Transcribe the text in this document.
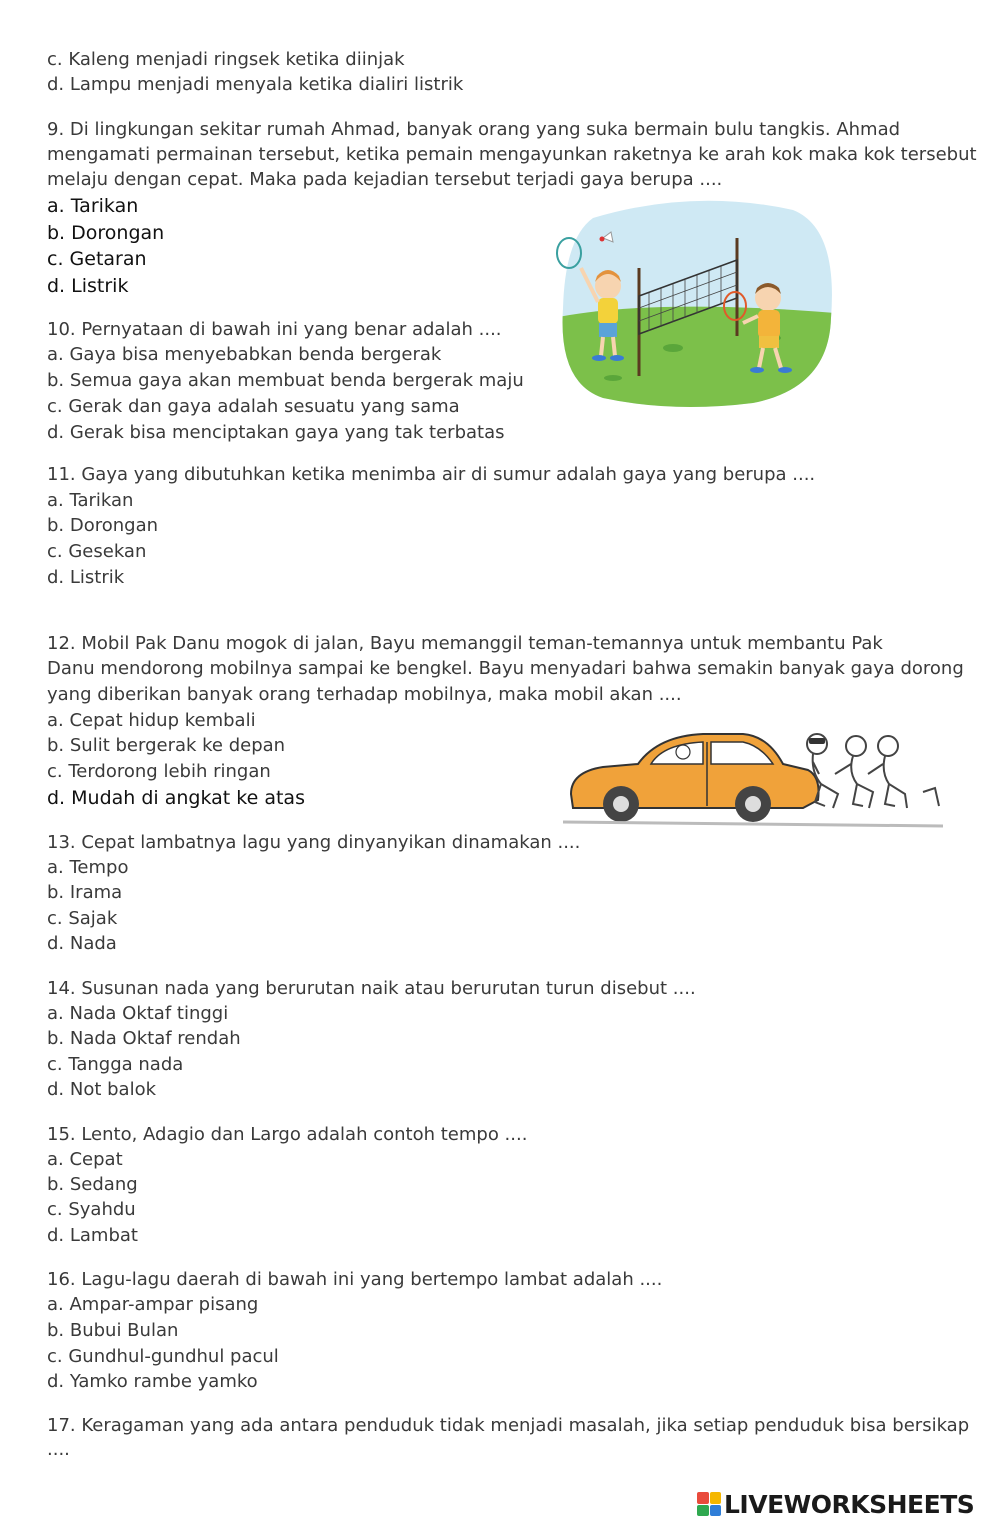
c. Kaleng menjadi ringsek ketika diinjak
d. Lampu menjadi menyala ketika dialiri listrik
9. Di lingkungan sekitar rumah Ahmad, banyak orang yang suka bermain bulu tangkis. Ahmad
mengamati permainan tersebut, ketika pemain mengayunkan raketnya ke arah kok maka kok tersebut
melaju dengan cepat. Maka pada kejadian tersebut terjadi gaya berupa ....
a. Tarikan
b. Dorongan
c. Getaran
d. Listrik
10. Pernyataan di bawah ini yang benar adalah ....
a. Gaya bisa menyebabkan benda bergerak
b. Semua gaya akan membuat benda bergerak maju
c. Gerak dan gaya adalah sesuatu yang sama
d. Gerak bisa menciptakan gaya yang tak terbatas
11. Gaya yang dibutuhkan ketika menimba air di sumur adalah gaya yang berupa ....
a. Tarikan
b. Dorongan
c. Gesekan
d. Listrik
12. Mobil Pak Danu mogok di jalan, Bayu memanggil teman-temannya untuk membantu Pak
Danu mendorong mobilnya sampai ke bengkel. Bayu menyadari bahwa semakin banyak gaya dorong
yang diberikan banyak orang terhadap mobilnya, maka mobil akan ....
a. Cepat hidup kembali
b. Sulit bergerak ke depan
c. Terdorong lebih ringan
d. Mudah di angkat ke atas
13. Cepat lambatnya lagu yang dinyanyikan dinamakan ....
a. Tempo
b. Irama
c. Sajak
d. Nada
14. Susunan nada yang berurutan naik atau berurutan turun disebut ....
a. Nada Oktaf tinggi
b. Nada Oktaf rendah
c. Tangga nada
d. Not balok
15. Lento, Adagio dan Largo adalah contoh tempo ....
a. Cepat
b. Sedang
c. Syahdu
d. Lambat
16. Lagu-lagu daerah di bawah ini yang bertempo lambat adalah ....
a. Ampar-ampar pisang
b. Bubui Bulan
c. Gundhul-gundhul pacul
d. Yamko rambe yamko
17. Keragaman yang ada antara penduduk tidak menjadi masalah, jika setiap penduduk bisa bersikap
....
LIVEWORKSHEETS
